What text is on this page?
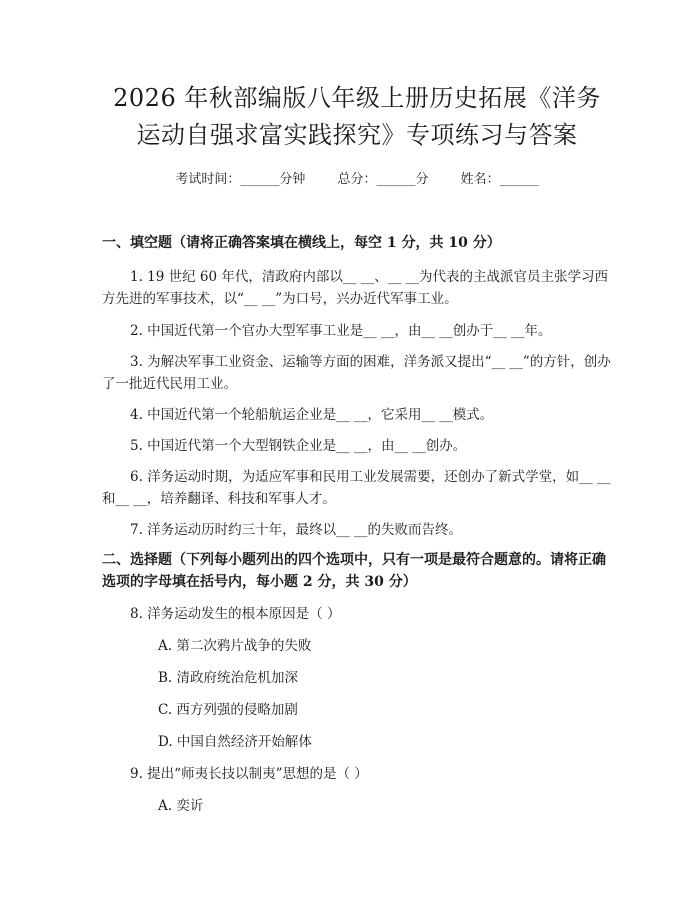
2026 年秋部编版八年级上册历史拓展《洋务
运动自强求富实践探究》专项练习与答案
考试时间：______分钟 总分：______分 姓名：______

一、填空题（请将正确答案填在横线上，每空 1 分，共 10 分）

1. 19 世纪 60 年代，清政府内部以__ __、__ __为代表的主战派官员主张学习西方先进的军事技术，以“__ __”为口号，兴办近代军事工业。

2. 中国近代第一个官办大型军事工业是__ __，由__ __创办于__ __年。

3. 为解决军事工业资金、运输等方面的困难，洋务派又提出“__ __”的方针，创办了一批近代民用工业。

4. 中国近代第一个轮船航运企业是__ __，它采用__ __模式。

5. 中国近代第一个大型钢铁企业是__ __，由__ __创办。

6. 洋务运动时期，为适应军事和民用工业发展需要，还创办了新式学堂，如__ __和__ __，培养翻译、科技和军事人才。

7. 洋务运动历时约三十年，最终以__ __的失败而告终。

二、选择题（下列每小题列出的四个选项中，只有一项是最符合题意的。请将正确选项的字母填在括号内，每小题 2 分，共 30 分）

8. 洋务运动发生的根本原因是（ ）

A. 第二次鸦片战争的失败

B. 清政府统治危机加深

C. 西方列强的侵略加剧

D. 中国自然经济开始解体

9. 提出“师夷长技以制夷”思想的是（ ）

A. 奕䜣
